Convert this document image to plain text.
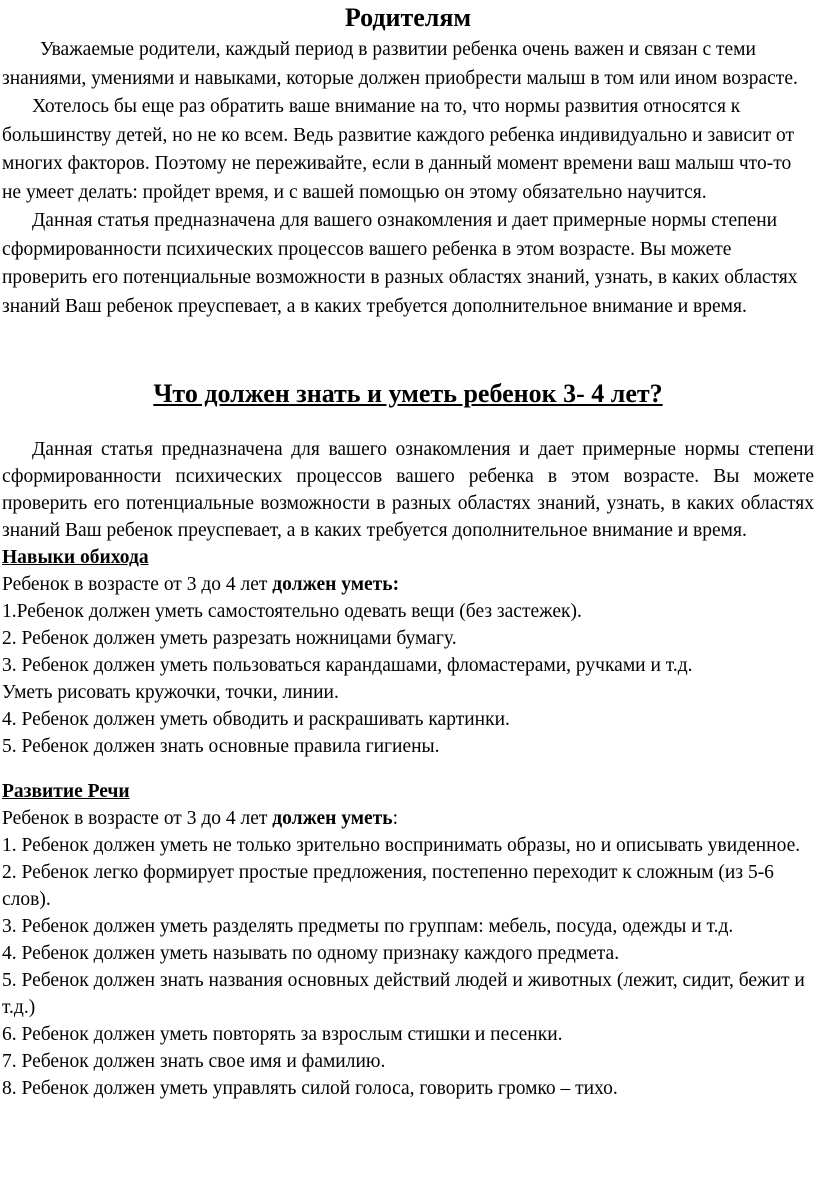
Родителям

Уважаемые родители, каждый период в развитии ребенка очень важен и связан с теми знаниями, умениями и навыками, которые должен приобрести малыш в том или ином возрасте.

Хотелось бы еще раз обратить ваше внимание на то, что нормы развития относятся к большинству детей, но не ко всем. Ведь развитие каждого ребенка индивидуально и зависит от многих факторов. Поэтому не переживайте, если в данный момент времени ваш малыш что-то не умеет делать: пройдет время, и с вашей помощью он этому обязательно научится.

Данная статья предназначена для вашего ознакомления и дает примерные нормы степени сформированности психических процессов вашего ребенка в этом возрасте. Вы можете проверить его потенциальные возможности в разных областях знаний, узнать, в каких областях знаний Ваш ребенок преуспевает, а в каких требуется дополнительное внимание и время.

Что должен знать и уметь ребенок 3- 4 лет?

Данная статья предназначена для вашего ознакомления и дает примерные нормы степени сформированности психических процессов вашего ребенка в этом возрасте. Вы можете проверить его потенциальные возможности в разных областях знаний, узнать, в каких областях знаний Ваш ребенок преуспевает, а в каких требуется дополнительное внимание и время.

Навыки обихода

Ребенок в возрасте от 3 до 4 лет должен уметь:

1.Ребенок должен уметь самостоятельно одевать вещи (без застежек).

2. Ребенок должен уметь разрезать ножницами бумагу.

3. Ребенок должен уметь пользоваться карандашами, фломастерами, ручками и т.д.

Уметь рисовать кружочки, точки, линии.

4. Ребенок должен уметь обводить и раскрашивать картинки.

5. Ребенок должен знать основные правила гигиены.

Развитие Речи

Ребенок в возрасте от 3 до 4 лет должен уметь:

1. Ребенок должен уметь не только зрительно воспринимать образы, но и описывать увиденное.

2. Ребенок легко формирует простые предложения, постепенно переходит к сложным (из 5-6 слов).

3. Ребенок должен уметь разделять предметы по группам: мебель, посуда, одежды и т.д.

4. Ребенок должен уметь называть по одному признаку каждого предмета.

5. Ребенок должен знать названия основных действий людей и животных (лежит, сидит, бежит и т.д.)

6. Ребенок должен уметь повторять за взрослым стишки и песенки.

7. Ребенок должен знать свое имя и фамилию.

8. Ребенок должен уметь управлять силой голоса, говорить громко – тихо.
